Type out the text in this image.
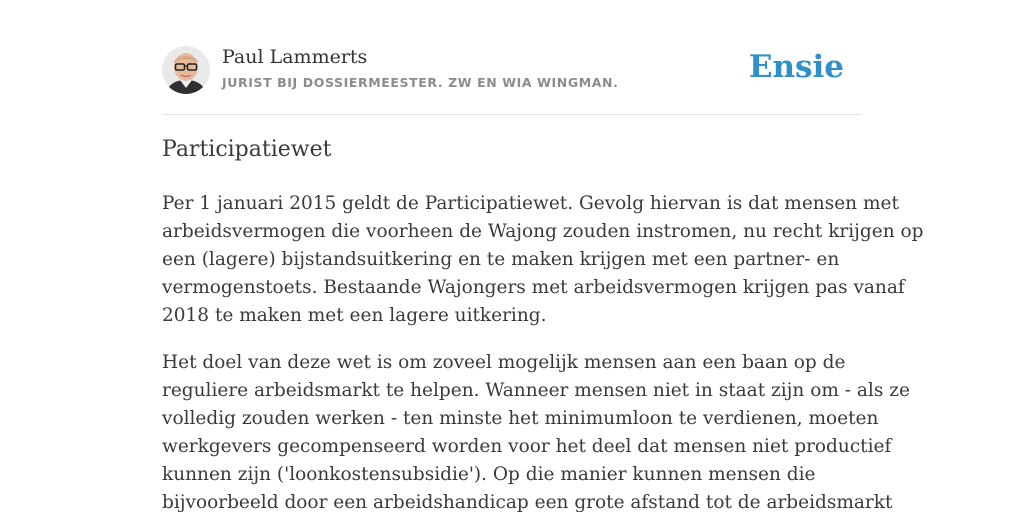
Paul Lammerts
JURIST BIJ DOSSIERMEESTER. ZW EN WIA WINGMAN.	Ensie
Participatiewet

Per 1 januari 2015 geldt de Participatiewet. Gevolg hiervan is dat mensen met
arbeidsvermogen die voorheen de Wajong zouden instromen, nu recht krijgen op
een (lagere) bijstandsuitkering en te maken krijgen met een partner- en
vermogenstoets. Bestaande Wajongers met arbeidsvermogen krijgen pas vanaf
2018 te maken met een lagere uitkering.

Het doel van deze wet is om zoveel mogelijk mensen aan een baan op de
reguliere arbeidsmarkt te helpen. Wanneer mensen niet in staat zijn om - als ze
volledig zouden werken - ten minste het minimumloon te verdienen, moeten
werkgevers gecompenseerd worden voor het deel dat mensen niet productief
kunnen zijn ('loonkostensubsidie'). Op die manier kunnen mensen die
bijvoorbeeld door een arbeidshandicap een grote afstand tot de arbeidsmarkt
